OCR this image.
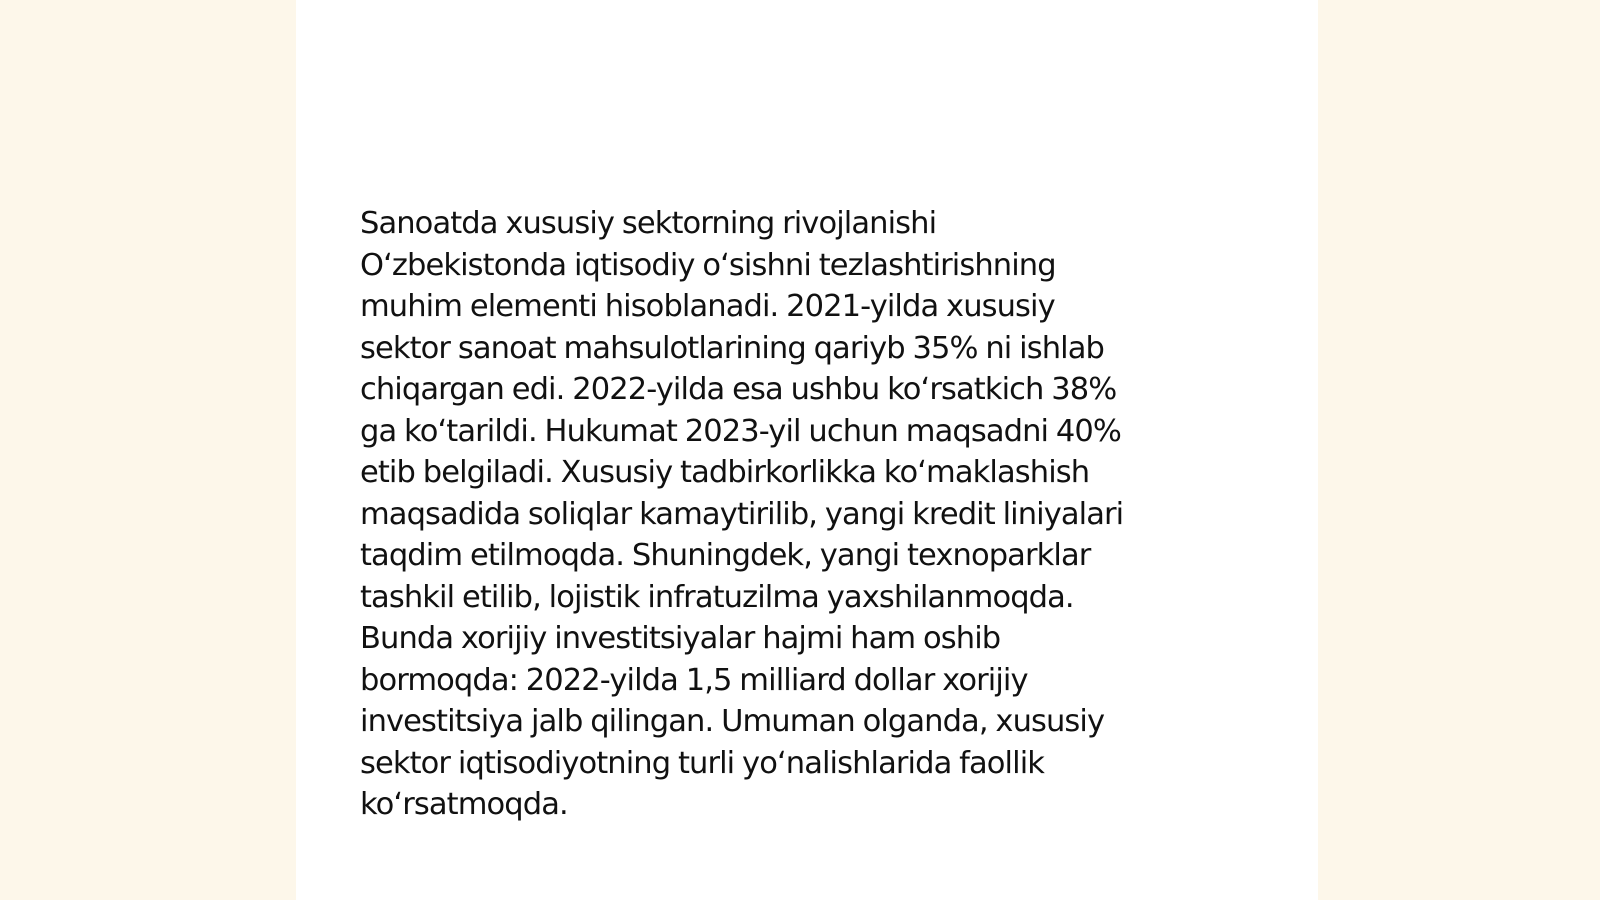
Sanoatda xususiy sektorning rivojlanishi
O‘zbekistonda iqtisodiy o‘sishni tezlashtirishning
muhim elementi hisoblanadi. 2021-yilda xususiy
sektor sanoat mahsulotlarining qariyb 35% ni ishlab
chiqargan edi. 2022-yilda esa ushbu ko‘rsatkich 38%
ga ko‘tarildi. Hukumat 2023-yil uchun maqsadni 40%
etib belgiladi. Xususiy tadbirkorlikka ko‘maklashish
maqsadida soliqlar kamaytirilib, yangi kredit liniyalari
taqdim etilmoqda. Shuningdek, yangi texnoparklar
tashkil etilib, lojistik infratuzilma yaxshilanmoqda.
Bunda xorijiy investitsiyalar hajmi ham oshib
bormoqda: 2022-yilda 1,5 milliard dollar xorijiy
investitsiya jalb qilingan. Umuman olganda, xususiy
sektor iqtisodiyotning turli yo‘nalishlarida faollik
ko‘rsatmoqda.
